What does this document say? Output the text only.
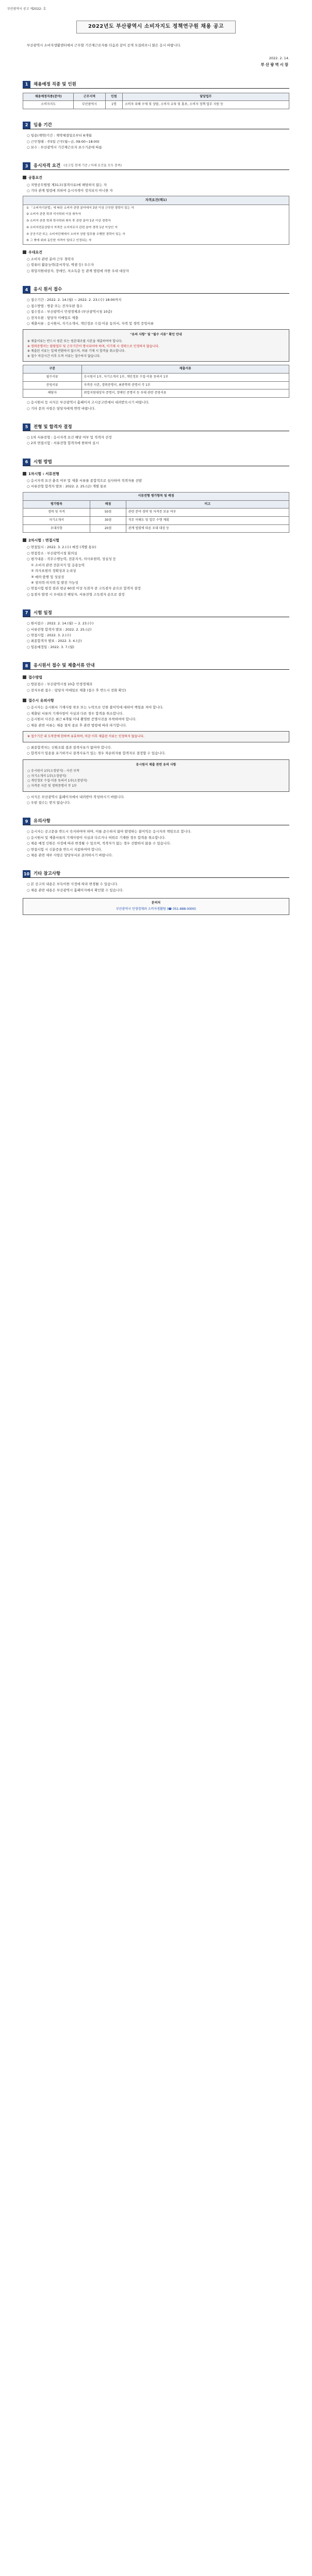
부산광역시 공고 제2022- 호
2022년도 부산광역시 소비자지도 정책연구원 채용 공고
부산광역시 소비자생활센터에서 근무할 기간제근로자를 다음과 같이 공개 모집하오니 많은 응시 바랍니다.
2022. 2. 14.
부산광역시장
1	채용예정 직종 및 인원
채용예정직종(분야)	근무지역	인원	담당업무
소비자지도	부산광역시	1명	소비자 피해 구제 및 상담, 소비자 교육 및 홍보, 소비자 정책 업무 지원 등
2	임용 기간

○ 임용(계약)기간 : 계약체결일로부터 6개월

○ 근무형태 : 주5일 근무(월~금, 09:00~18:00)

○ 보수 : 부산광역시 기간제근로자 보수기준에 따름

3	응시자격 요건	(공고일 현재 기준 / 아래 요건을 모두 충족)
공통요건

○ 지방공무원법 제31조(결격사유)에 해당하지 않는 자

○ 기타 관계 법령에 의하여 응시자격이 정지되지 아니한 자

자격요건(택1)
① 「소비자기본법」에 따른 소비자 관련 분야에서 3년 이상 근무한 경력이 있는 자
② 소비자 관련 학과 석사학위 이상 취득자
③ 소비자 관련 학과 학사학위 취득 후 관련 분야 1년 이상 경력자
④ 소비자전문상담사 자격증 소지자로서 관련 분야 경력 1년 이상인 자
⑤ 공공기관 또는 소비자단체에서 소비자 상담 업무를 수행한 경력이 있는 자
⑥ 그 밖에 위와 동등한 자격이 있다고 인정되는 자
우대요건

○ 소비자 관련 분야 근무 경력자

○ 컴퓨터 활용능력(문서작성, 엑셀 등) 우수자

○ 취업지원대상자, 장애인, 저소득층 등 관계 법령에 의한 우대 대상자

4	응시 원서 접수

○ 접수기간 : 2022. 2. 14.(월) ~ 2022. 2. 23.(수) 18:00까지

○ 접수방법 : 방문 또는 전자우편 접수

○ 접수장소 : 부산광역시 민생경제과 (부산광역시청 10층)

○ 전자우편 : 담당자 이메일로 제출

○ 제출서류 : 응시원서, 자기소개서, 개인정보 수집·이용 동의서, 자격 및 경력 증빙서류

"유의 사항" 및 "필수 서류" 확인 안내
※ 제출서류는 반드시 원본 또는 원본대조필 사본을 제출하여야 합니다.
※ 경력증명서는 담당업무 및 근무기간이 명시되어야 하며, 미기재 시 경력으로 인정하지 않습니다.
※ 제출된 서류는 일체 반환하지 않으며, 허위 기재 시 합격을 취소합니다.
※ 접수 마감시간 이후 도착 서류는 접수하지 않습니다.
구분	제출서류
필수서류	응시원서 1부, 자기소개서 1부, 개인정보 수집·이용 동의서 1부
증빙서류	자격증 사본, 경력증명서, 최종학력 증명서 각 1부
해당자	취업지원대상자 증명서, 장애인 증명서 등 우대 관련 증빙서류

○ 응시원서 등 서식은 부산광역시 홈페이지 고시공고란에서 내려받으시기 바랍니다.

○ 기타 문의 사항은 담당자에게 연락 바랍니다.

5	전형 및 합격자 결정

○ 1차 서류전형 : 응시자격 요건 해당 여부 및 적격자 선정

○ 2차 면접시험 : 서류전형 합격자에 한하여 실시

6	시험 방법
1차시험 : 서류전형

○ 응시자격 요건 충족 여부 및 제출 서류를 종합적으로 심사하여 적격자를 선발

○ 서류전형 합격자 발표 : 2022. 2. 25.(금) 개별 통보

서류전형 평가항목 및 배점		
평가항목	배점	비고
경력 및 자격	50점	관련 분야 경력 및 자격증 보유 여부
자기소개서	30점	직무 이해도 및 업무 수행 계획
우대사항	20점	관계 법령에 따른 우대 대상 등
2차시험 : 면접시험

○ 면접일시 : 2022. 3. 2.(수) 예정 (개별 통보)

○ 면접장소 : 부산광역시청 회의실

○ 평가내용 : 직무수행능력, 전문지식, 의사표현력, 성실성 등

① 소비자 관련 전문지식 및 응용능력

② 의사표현의 정확성과 논리성

③ 예의·품행 및 성실성

④ 창의력·의지력 및 발전 가능성

○ 면접시험 평정 결과 평균 60점 이상 득점자 중 고득점자 순으로 합격자 결정

○ 동점자 발생 시 우대요건 해당자, 서류전형 고득점자 순으로 결정

7	시험 일정

○ 원서접수 : 2022. 2. 14.(월) ~ 2. 23.(수)

○ 서류전형 합격자 발표 : 2022. 2. 25.(금)

○ 면접시험 : 2022. 3. 2.(수)

○ 최종합격자 발표 : 2022. 3. 4.(금)

○ 임용예정일 : 2022. 3. 7.(월)

8	응시원서 접수 및 제출서류 안내
접수방법

○ 방문접수 : 부산광역시청 10층 민생경제과

○ 전자우편 접수 : 담당자 이메일로 제출 (접수 후 반드시 전화 확인)

접수시 유의사항

○ 응시자는 응시원서 기재사항 착오 또는 누락으로 인한 불이익에 대하여 책임을 져야 합니다.

○ 제출된 서류의 기재사항이 사실과 다른 경우 합격을 취소합니다.

○ 응시원서 사진은 최근 6개월 이내 촬영한 증명사진을 부착하여야 합니다.

○ 채용 관련 서류는 채용 절차 종료 후 관련 법령에 따라 파기합니다.

※ 접수기간 내 도착분에 한하여 유효하며, 마감 이후 제출된 서류는 인정하지 않습니다.

○ 최종합격자는 신원조회 결과 결격사유가 없어야 합니다.

○ 합격자가 임용을 포기하거나 결격사유가 있는 경우 차순위자를 합격자로 결정할 수 있습니다.

응시원서 제출 관련 유의 사항
○ 응시원서 1부(소정양식) - 사진 부착
○ 자기소개서 1부(소정양식)
○ 개인정보 수집·이용 동의서 1부(소정양식)
○ 자격증 사본 및 경력증명서 각 1부

○ 서식은 부산광역시 홈페이지에서 내려받아 작성하시기 바랍니다.

○ 우편 접수는 받지 않습니다.

9	유의사항

○ 응시자는 공고문을 반드시 숙지하여야 하며, 이를 준수하지 않아 발생하는 불이익은 응시자의 책임으로 합니다.

○ 응시원서 및 제출서류의 기재사항이 사실과 다르거나 허위로 기재한 경우 합격을 취소합니다.

○ 채용 예정 인원은 사정에 따라 변경될 수 있으며, 적격자가 없는 경우 선발하지 않을 수 있습니다.

○ 면접시험 시 신분증을 반드시 지참하여야 합니다.

○ 채용 관련 세부 사항은 담당부서로 문의하시기 바랍니다.

10 기타 참고사항

○ 본 공고의 내용은 부득이한 사정에 따라 변경될 수 있습니다.

○ 채용 관련 내용은 부산광역시 홈페이지에서 확인할 수 있습니다.

문의처
부산광역시 민생경제과 소비자생활팀 (☎ 051-888-0000)
